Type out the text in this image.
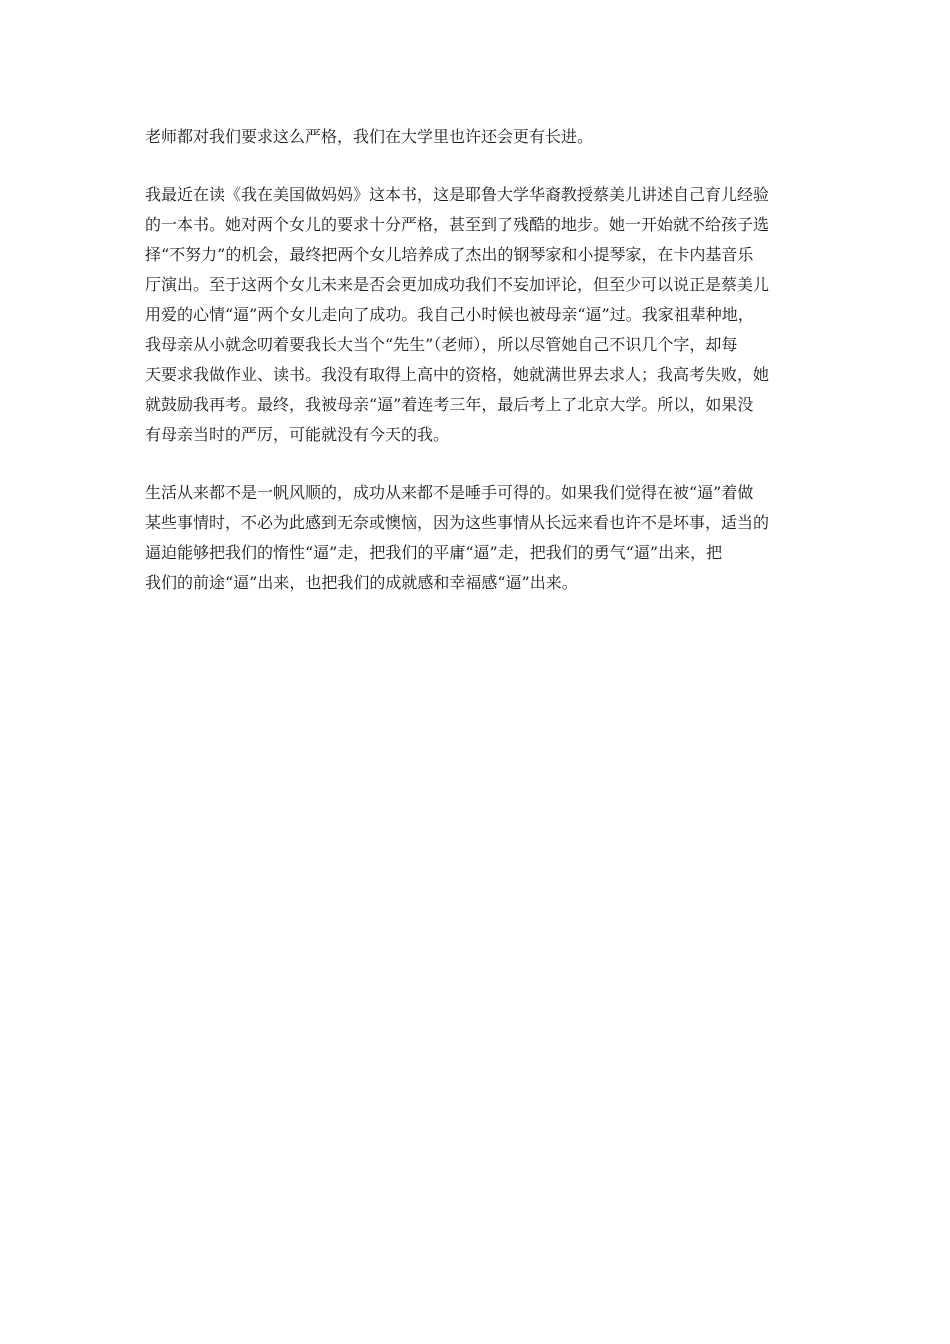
老师都对我们要求这么严格，我们在大学里也许还会更有长进。

我最近在读《我在美国做妈妈》这本书，这是耶鲁大学华裔教授蔡美儿讲述自己育儿经验
的一本书。她对两个女儿的要求十分严格，甚至到了残酷的地步。她一开始就不给孩子选
择“不努力”的机会，最终把两个女儿培养成了杰出的钢琴家和小提琴家，在卡内基音乐
厅演出。至于这两个女儿未来是否会更加成功我们不妄加评论，但至少可以说正是蔡美儿
用爱的心情“逼”两个女儿走向了成功。我自己小时候也被母亲“逼”过。我家祖辈种地，
我母亲从小就念叨着要我长大当个“先生”（老师），所以尽管她自己不识几个字，却每
天要求我做作业、读书。我没有取得上高中的资格，她就满世界去求人；我高考失败，她
就鼓励我再考。最终，我被母亲“逼”着连考三年，最后考上了北京大学。所以，如果没
有母亲当时的严厉，可能就没有今天的我。

生活从来都不是一帆风顺的，成功从来都不是唾手可得的。如果我们觉得在被“逼”着做
某些事情时，不必为此感到无奈或懊恼，因为这些事情从长远来看也许不是坏事，适当的
逼迫能够把我们的惰性“逼”走，把我们的平庸“逼”走，把我们的勇气“逼”出来，把
我们的前途“逼”出来，也把我们的成就感和幸福感“逼”出来。
